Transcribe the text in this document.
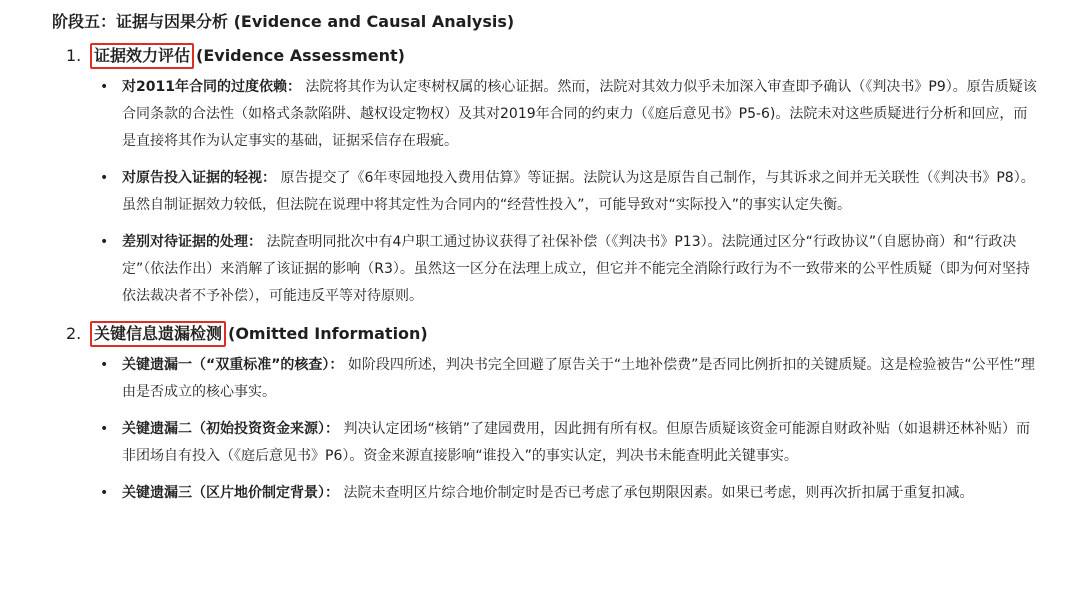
阶段五：证据与因果分析 (Evidence and Causal Analysis)
1. 证据效力评估 (Evidence Assessment)
• 对2011年合同的过度依赖： 法院将其作为认定枣树权属的核心证据。然而，法院对其效力似乎未加深入审查即予确认（《判决书》P9）。原告质疑该合同条款的合法性（如格式条款陷阱、越权设定物权）及其对2019年合同的约束力（《庭后意见书》P5-6)。法院未对这些质疑进行分析和回应，而是直接将其作为认定事实的基础，证据采信存在瑕疵。
• 对原告投入证据的轻视： 原告提交了《6年枣园地投入费用估算》等证据。法院认为这是原告自己制作，与其诉求之间并无关联性（《判决书》P8）。虽然自制证据效力较低，但法院在说理中将其定性为合同内的“经营性投入”，可能导致对“实际投入”的事实认定失衡。
• 差别对待证据的处理： 法院查明同批次中有4户职工通过协议获得了社保补偿（《判决书》P13）。法院通过区分“行政协议”（自愿协商）和“行政决定”（依法作出）来消解了该证据的影响（R3）。虽然这一区分在法理上成立，但它并不能完全消除行政行为不一致带来的公平性质疑（即为何对坚持依法裁决者不予补偿），可能违反平等对待原则。
2. 关键信息遗漏检测 (Omitted Information)
• 关键遗漏一（“双重标准”的核查）： 如阶段四所述，判决书完全回避了原告关于“土地补偿费”是否同比例折扣的关键质疑。这是检验被告“公平性”理由是否成立的核心事实。
• 关键遗漏二（初始投资资金来源）： 判决认定团场“核销”了建园费用，因此拥有所有权。但原告质疑该资金可能源自财政补贴（如退耕还林补贴）而非团场自有投入（《庭后意见书》P6）。资金来源直接影响“谁投入”的事实认定，判决书未能查明此关键事实。
• 关键遗漏三（区片地价制定背景）： 法院未查明区片综合地价制定时是否已考虑了承包期限因素。如果已考虑，则再次折扣属于重复扣减。
